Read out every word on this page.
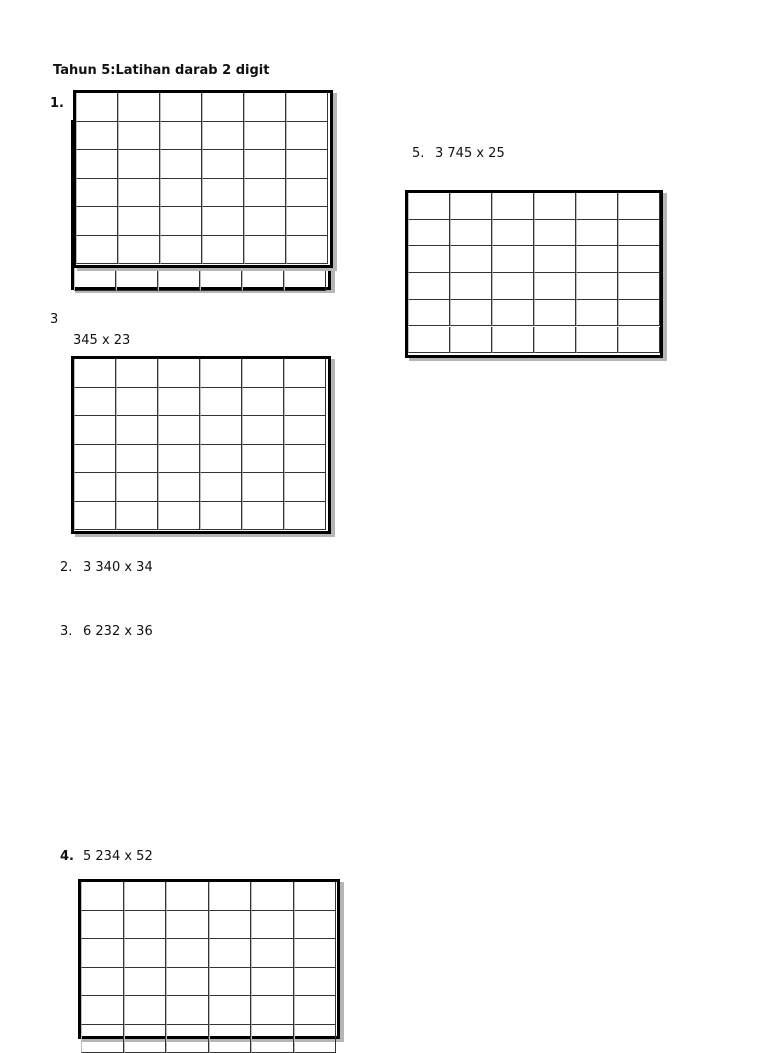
Tahun 5:Latihan darab 2 digit
1.
3
345 x 23
5. 3 745 x 25
2. 3 340 x 34
3. 6 232 x 36
4. 5 234 x 52
